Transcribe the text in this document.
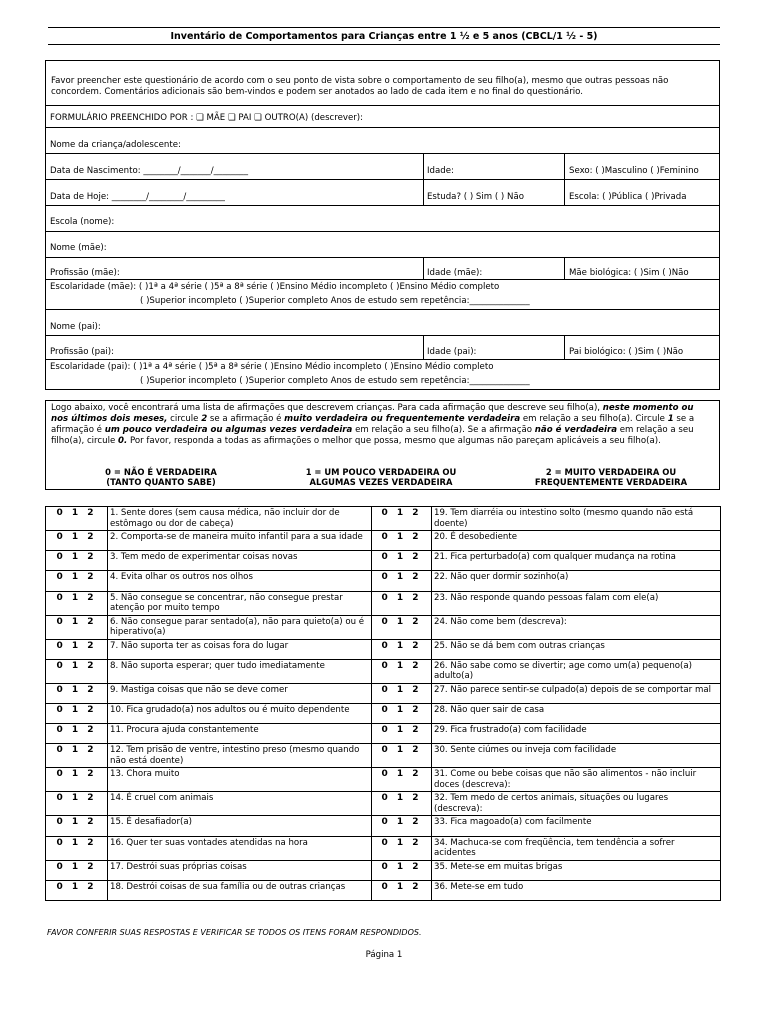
Inventário de Comportamentos para Crianças entre 1 ½ e 5 anos (CBCL/1 ½ - 5)
Favor preencher este questionário de acordo com o seu ponto de vista sobre o comportamento de seu filho(a), mesmo que outras pessoas não concordem. Comentários adicionais são bem-vindos e podem ser anotados ao lado de cada item e no final do questionário.
FORMULÁRIO PREENCHIDO POR : ❑ MÃE ❑ PAI ❑ OUTRO(A) (descrever):
Nome da criança/adolescente:
Data de Nascimento: ________/_______/________	Idade:	Sexo: ( )Masculino ( )Feminino
Data de Hoje: ________/________/_________	Estuda? ( ) Sim ( ) Não	Escola: ( )Pública ( )Privada
Escola (nome):
Nome (mãe):
Profissão (mãe):	Idade (mãe):	Mãe biológica: ( )Sim ( )Não
Escolaridade (mãe): ( )1ª a 4ª série ( )5ª a 8ª série ( )Ensino Médio incompleto ( )Ensino Médio completo
( )Superior incompleto ( )Superior completo Anos de estudo sem repetência:______________
Nome (pai):
Profissão (pai):	Idade (pai):	Pai biológico: ( )Sim ( )Não
Escolaridade (pai): ( )1ª a 4ª série ( )5ª a 8ª série ( )Ensino Médio incompleto ( )Ensino Médio completo
( )Superior incompleto ( )Superior completo Anos de estudo sem repetência:______________
Logo abaixo, você encontrará uma lista de afirmações que descrevem crianças. Para cada afirmação que descreve seu filho(a), neste momento ou nos últimos dois meses, circule 2 se a afirmação é muito verdadeira ou frequentemente verdadeira em relação a seu filho(a). Circule 1 se a afirmação é um pouco verdadeira ou algumas vezes verdadeira em relação a seu filho(a). Se a afirmação não é verdadeira em relação a seu filho(a), circule 0. Por favor, responda a todas as afirmações o melhor que possa, mesmo que algumas não pareçam aplicáveis a seu filho(a).
0 = NÃO É VERDADEIRA
(TANTO QUANTO SABE)
1 = UM POUCO VERDADEIRA OU
ALGUMAS VEZES VERDADEIRA
2 = MUITO VERDADEIRA OU
FREQUENTEMENTE VERDADEIRA
0 1 2	1. Sente dores (sem causa médica, não incluir dor de estômago ou dor de cabeça)	0 1 2	19. Tem diarréia ou intestino solto (mesmo quando não está doente)
0 1 2	2. Comporta-se de maneira muito infantil para a sua idade	0 1 2	20. É desobediente
0 1 2	3. Tem medo de experimentar coisas novas	0 1 2	21. Fica perturbado(a) com qualquer mudança na rotina
0 1 2	4. Evita olhar os outros nos olhos	0 1 2	22. Não quer dormir sozinho(a)
0 1 2	5. Não consegue se concentrar, não consegue prestar atenção por muito tempo	0 1 2	23. Não responde quando pessoas falam com ele(a)
0 1 2	6. Não consegue parar sentado(a), não para quieto(a) ou é hiperativo(a)	0 1 2	24. Não come bem (descreva):
0 1 2	7. Não suporta ter as coisas fora do lugar	0 1 2	25. Não se dá bem com outras crianças
0 1 2	8. Não suporta esperar; quer tudo imediatamente	0 1 2	26. Não sabe como se divertir; age como um(a) pequeno(a) adulto(a)
0 1 2	9. Mastiga coisas que não se deve comer	0 1 2	27. Não parece sentir-se culpado(a) depois de se comportar mal
0 1 2	10. Fica grudado(a) nos adultos ou é muito dependente	0 1 2	28. Não quer sair de casa
0 1 2	11. Procura ajuda constantemente	0 1 2	29. Fica frustrado(a) com facilidade
0 1 2	12. Tem prisão de ventre, intestino preso (mesmo quando não está doente)	0 1 2	30. Sente ciúmes ou inveja com facilidade
0 1 2	13. Chora muito	0 1 2	31. Come ou bebe coisas que não são alimentos - não incluir doces (descreva):
0 1 2	14. É cruel com animais	0 1 2	32. Tem medo de certos animais, situações ou lugares (descreva):
0 1 2	15. É desafiador(a)	0 1 2	33. Fica magoado(a) com facilmente
0 1 2	16. Quer ter suas vontades atendidas na hora	0 1 2	34. Machuca-se com freqüência, tem tendência a sofrer acidentes
0 1 2	17. Destrói suas próprias coisas	0 1 2	35. Mete-se em muitas brigas
0 1 2	18. Destrói coisas de sua família ou de outras crianças	0 1 2	36. Mete-se em tudo
FAVOR CONFERIR SUAS RESPOSTAS E VERIFICAR SE TODOS OS ITENS FORAM RESPONDIDOS.
Página 1
